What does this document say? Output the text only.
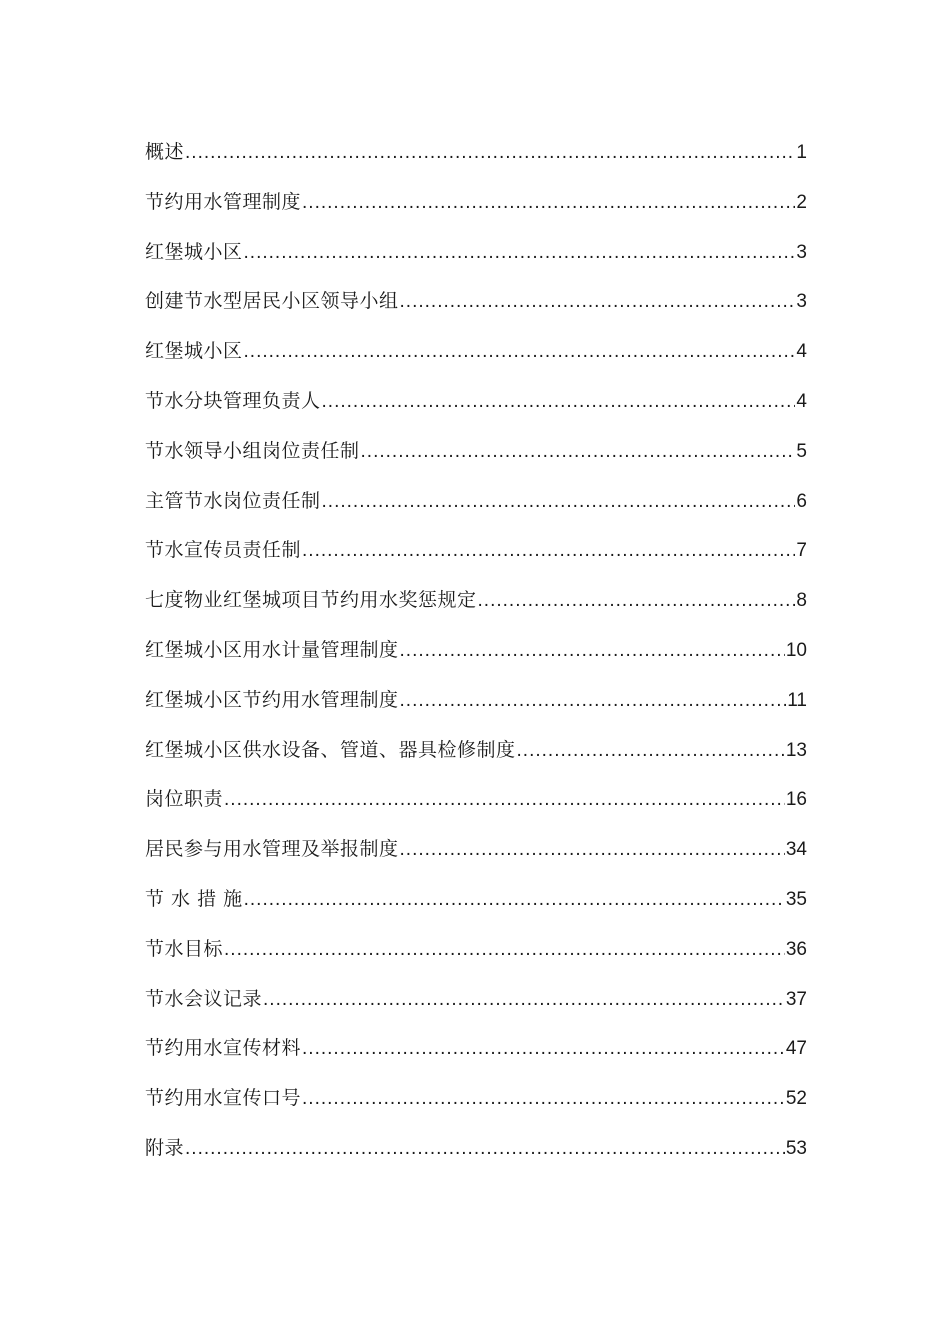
概述 .....	1
节约用水管理制度 .....	2
红堡城小区 .....	3
创建节水型居民小区领导小组 .....	3
红堡城小区 .....	4
节水分块管理负责人 .....	4
节水领导小组岗位责任制 .....	5
主管节水岗位责任制 .....	6
节水宣传员责任制 .....	7
七度物业红堡城项目节约用水奖惩规定 .....	8
红堡城小区用水计量管理制度 .....	10
红堡城小区节约用水管理制度 .....	11
红堡城小区供水设备、管道、器具检修制度 .....	13
岗位职责 .....	16
居民参与用水管理及举报制度 .....	34
节 水 措 施 .....	35
节水目标 .....	36
节水会议记录 .....	37
节约用水宣传材料 .....	47
节约用水宣传口号 .....	52
附录 .....	53
